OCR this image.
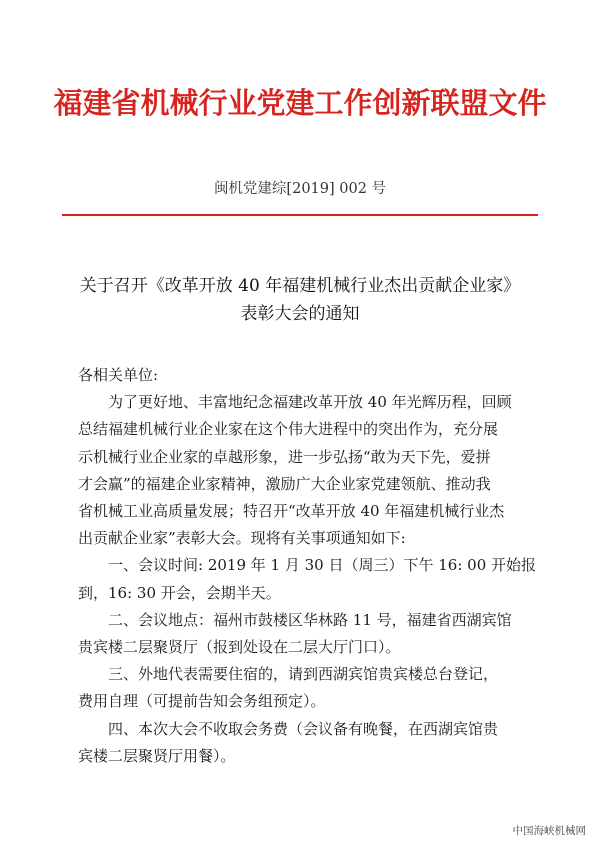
福建省机械行业党建工作创新联盟文件
闽机党建综[2019] 002 号
关于召开《改革开放 40 年福建机械行业杰出贡献企业家》
表彰大会的通知
各相关单位:
为了更好地、丰富地纪念福建改革开放 40 年光辉历程，回顾
总结福建机械行业企业家在这个伟大进程中的突出作为，充分展
示机械行业企业家的卓越形象，进一步弘扬“敢为天下先，爱拼
才会赢”的福建企业家精神，激励广大企业家党建领航、推动我
省机械工业高质量发展；特召开“改革开放 40 年福建机械行业杰
出贡献企业家”表彰大会。现将有关事项通知如下:
一、会议时间: 2019 年 1 月 30 日（周三）下午 16: 00 开始报
到，16: 30 开会，会期半天。
二、会议地点：福州市鼓楼区华林路 11 号，福建省西湖宾馆
贵宾楼二层聚贤厅（报到处设在二层大厅门口）。
三、外地代表需要住宿的，请到西湖宾馆贵宾楼总台登记，
费用自理（可提前告知会务组预定）。
四、本次大会不收取会务费（会议备有晚餐，在西湖宾馆贵
宾楼二层聚贤厅用餐）。
中国海峡机械网
